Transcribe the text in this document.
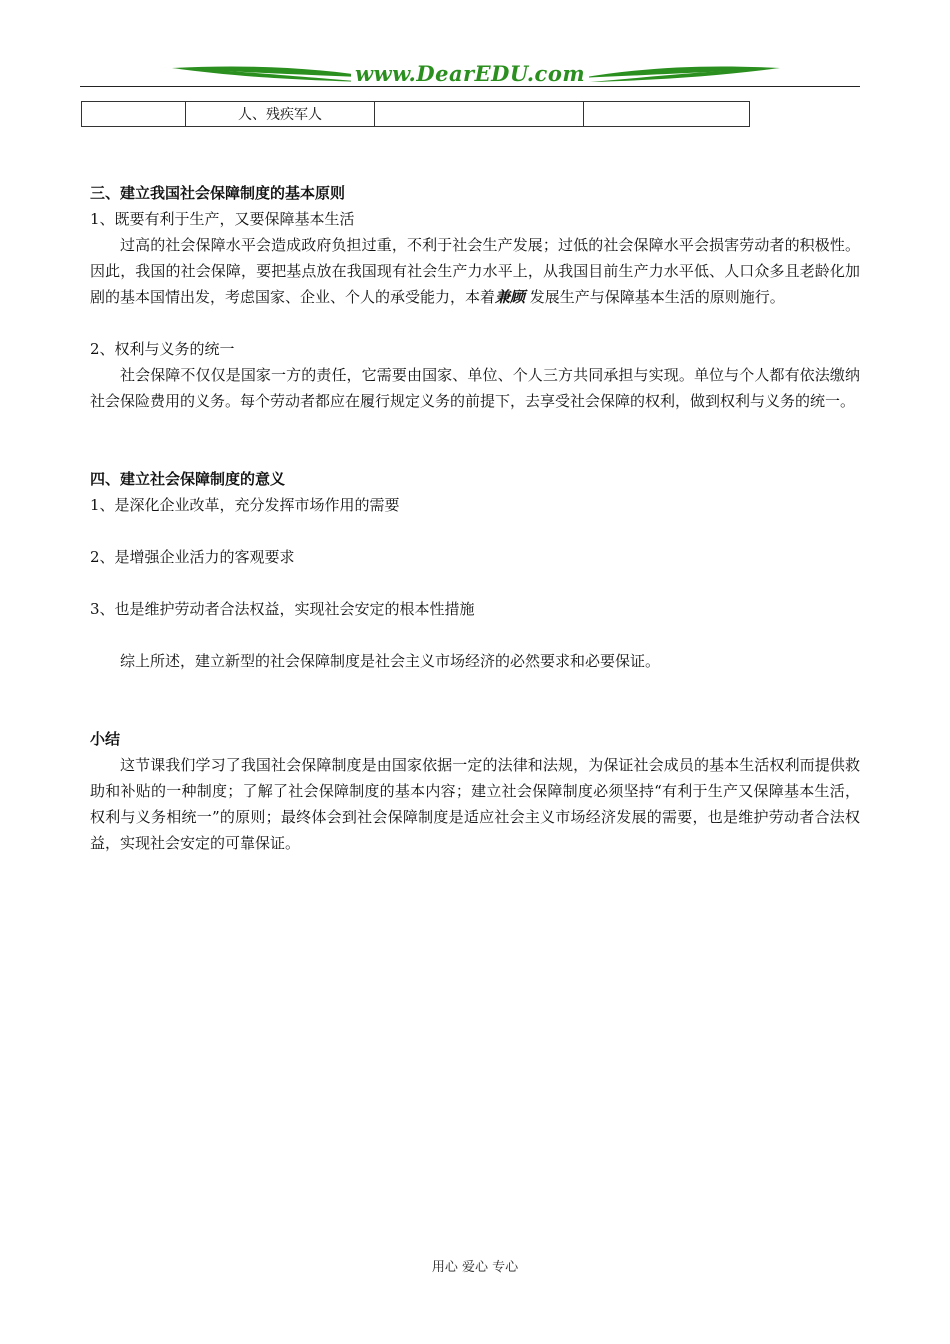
www.DearEDU.com
	人、残疾军人		

三、建立我国社会保障制度的基本原则

1、既要有利于生产，又要保障基本生活

过高的社会保障水平会造成政府负担过重，不利于社会生产发展；过低的社会保障水平会损害劳动者的积极性。因此，我国的社会保障，要把基点放在我国现有社会生产力水平上，从我国目前生产力水平低、人口众多且老龄化加剧的基本国情出发，考虑国家、企业、个人的承受能力，本着兼顾 发展生产与保障基本生活的原则施行。

2、权利与义务的统一

社会保障不仅仅是国家一方的责任，它需要由国家、单位、个人三方共同承担与实现。单位与个人都有依法缴纳社会保险费用的义务。每个劳动者都应在履行规定义务的前提下，去享受社会保障的权利，做到权利与义务的统一。

四、建立社会保障制度的意义

1、是深化企业改革，充分发挥市场作用的需要

2、是增强企业活力的客观要求

3、也是维护劳动者合法权益，实现社会安定的根本性措施

综上所述，建立新型的社会保障制度是社会主义市场经济的必然要求和必要保证。

小结

这节课我们学习了我国社会保障制度是由国家依据一定的法律和法规，为保证社会成员的基本生活权利而提供救助和补贴的一种制度；了解了社会保障制度的基本内容；建立社会保障制度必须坚持“有利于生产又保障基本生活，权利与义务相统一”的原则；最终体会到社会保障制度是适应社会主义市场经济发展的需要，也是维护劳动者合法权益，实现社会安定的可靠保证。

用心 爱心 专心
